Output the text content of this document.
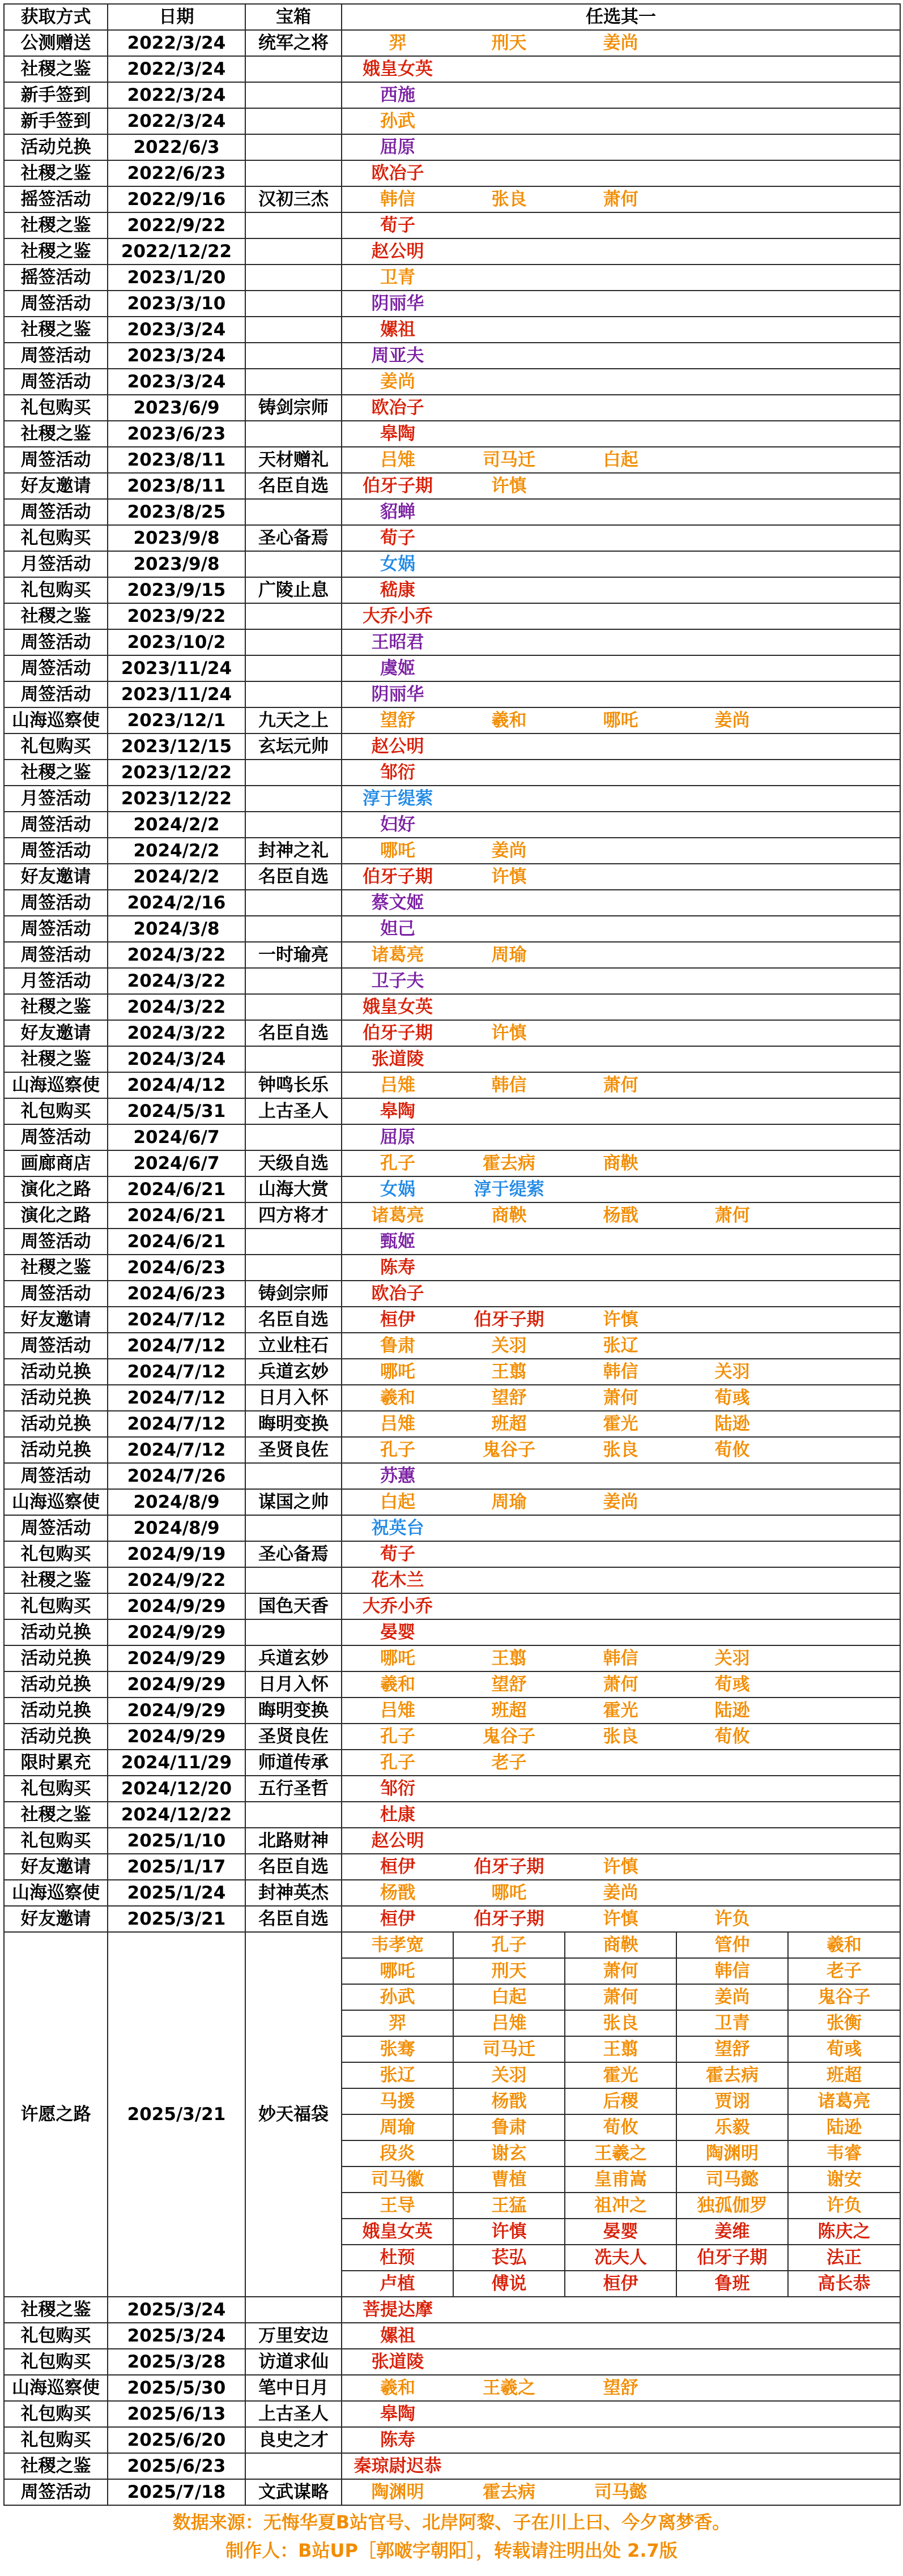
获取方式	日期	宝箱	任选其一				
公测赠送	2022/3/24	统军之将	羿	刑天	姜尚		
社稷之鉴	2022/3/24		娥皇女英				
新手签到	2022/3/24		西施				
新手签到	2022/3/24		孙武				
活动兑换	2022/6/3		屈原				
社稷之鉴	2022/6/23		欧冶子				
摇签活动	2022/9/16	汉初三杰	韩信	张良	萧何		
社稷之鉴	2022/9/22		荀子				
社稷之鉴	2022/12/22		赵公明				
摇签活动	2023/1/20		卫青				
周签活动	2023/3/10		阴丽华				
社稷之鉴	2023/3/24		嫘祖				
周签活动	2023/3/24		周亚夫				
周签活动	2023/3/24		姜尚				
礼包购买	2023/6/9	铸剑宗师	欧冶子				
社稷之鉴	2023/6/23		皋陶				
周签活动	2023/8/11	天材赠礼	吕雉	司马迁	白起		
好友邀请	2023/8/11	名臣自选	伯牙子期	许慎			
周签活动	2023/8/25		貂蝉				
礼包购买	2023/9/8	圣心备焉	荀子				
月签活动	2023/9/8		女娲				
礼包购买	2023/9/15	广陵止息	嵇康				
社稷之鉴	2023/9/22		大乔小乔				
周签活动	2023/10/2		王昭君				
周签活动	2023/11/24		虞姬				
周签活动	2023/11/24		阴丽华				
山海巡察使	2023/12/1	九天之上	望舒	羲和	哪吒	姜尚	
礼包购买	2023/12/15	玄坛元帅	赵公明				
社稷之鉴	2023/12/22		邹衍				
月签活动	2023/12/22		淳于缇萦				
周签活动	2024/2/2		妇好				
周签活动	2024/2/2	封神之礼	哪吒	姜尚			
好友邀请	2024/2/2	名臣自选	伯牙子期	许慎			
周签活动	2024/2/16		蔡文姬				
周签活动	2024/3/8		妲己				
周签活动	2024/3/22	一时瑜亮	诸葛亮	周瑜			
月签活动	2024/3/22		卫子夫				
社稷之鉴	2024/3/22		娥皇女英				
好友邀请	2024/3/22	名臣自选	伯牙子期	许慎			
社稷之鉴	2024/3/24		张道陵				
山海巡察使	2024/4/12	钟鸣长乐	吕雉	韩信	萧何		
礼包购买	2024/5/31	上古圣人	皋陶				
周签活动	2024/6/7		屈原				
画廊商店	2024/6/7	天级自选	孔子	霍去病	商鞅		
演化之路	2024/6/21	山海大赏	女娲	淳于缇萦			
演化之路	2024/6/21	四方将才	诸葛亮	商鞅	杨戬	萧何	
周签活动	2024/6/21		甄姬				
社稷之鉴	2024/6/23		陈寿				
周签活动	2024/6/23	铸剑宗师	欧冶子				
好友邀请	2024/7/12	名臣自选	桓伊	伯牙子期	许慎		
周签活动	2024/7/12	立业柱石	鲁肃	关羽	张辽		
活动兑换	2024/7/12	兵道玄妙	哪吒	王翦	韩信	关羽	
活动兑换	2024/7/12	日月入怀	羲和	望舒	萧何	荀彧	
活动兑换	2024/7/12	晦明变换	吕雉	班超	霍光	陆逊	
活动兑换	2024/7/12	圣贤良佐	孔子	鬼谷子	张良	荀攸	
周签活动	2024/7/26		苏蕙				
山海巡察使	2024/8/9	谋国之帅	白起	周瑜	姜尚		
周签活动	2024/8/9		祝英台				
礼包购买	2024/9/19	圣心备焉	荀子				
社稷之鉴	2024/9/22		花木兰				
礼包购买	2024/9/29	国色天香	大乔小乔				
活动兑换	2024/9/29		晏婴				
活动兑换	2024/9/29	兵道玄妙	哪吒	王翦	韩信	关羽	
活动兑换	2024/9/29	日月入怀	羲和	望舒	萧何	荀彧	
活动兑换	2024/9/29	晦明变换	吕雉	班超	霍光	陆逊	
活动兑换	2024/9/29	圣贤良佐	孔子	鬼谷子	张良	荀攸	
限时累充	2024/11/29	师道传承	孔子	老子			
礼包购买	2024/12/20	五行圣哲	邹衍				
社稷之鉴	2024/12/22		杜康				
礼包购买	2025/1/10	北路财神	赵公明				
好友邀请	2025/1/17	名臣自选	桓伊	伯牙子期	许慎		
山海巡察使	2025/1/24	封神英杰	杨戬	哪吒	姜尚		
好友邀请	2025/3/21	名臣自选	桓伊	伯牙子期	许慎	许负	
许愿之路	2025/3/21	妙天福袋	韦孝宽	孔子	商鞅	管仲	羲和
			哪吒	刑天	萧何	韩信	老子
			孙武	白起	萧何	姜尚	鬼谷子
			羿	吕雉	张良	卫青	张衡
			张骞	司马迁	王翦	望舒	荀彧
			张辽	关羽	霍光	霍去病	班超
			马援	杨戬	后稷	贾诩	诸葛亮
			周瑜	鲁肃	荀攸	乐毅	陆逊
			段炎	谢玄	王羲之	陶渊明	韦睿
			司马徽	曹植	皇甫嵩	司马懿	谢安
			王导	王猛	祖冲之	独孤伽罗	许负
			娥皇女英	许慎	晏婴	姜维	陈庆之
			杜预	苌弘	冼夫人	伯牙子期	法正
			卢植	傅说	桓伊	鲁班	高长恭
社稷之鉴	2025/3/24		菩提达摩				
礼包购买	2025/3/24	万里安边	嫘祖				
礼包购买	2025/3/28	访道求仙	张道陵				
山海巡察使	2025/5/30	笔中日月	羲和	王羲之	望舒		
礼包购买	2025/6/13	上古圣人	皋陶				
礼包购买	2025/6/20	良史之才	陈寿				
社稷之鉴	2025/6/23		秦琼尉迟恭				
周签活动	2025/7/18	文武谋略	陶渊明	霍去病	司马懿		
数据来源：无悔华夏B站官号、北岸阿黎、子在川上曰、今夕离梦香。
制作人：B站UP［郭啵字朝阳］，转载请注明出处 2.7版
